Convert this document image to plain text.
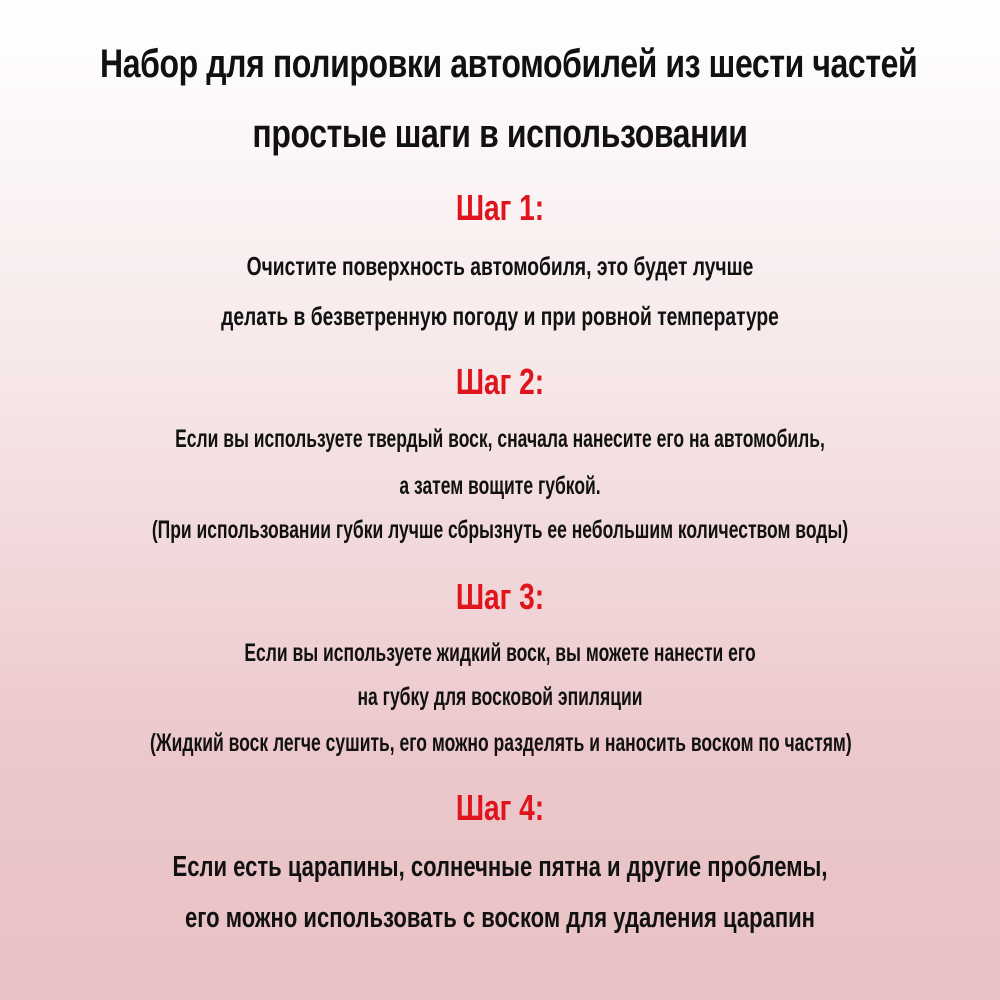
Набор для полировки автомобилей из шести частей
простые шаги в использовании
Шаг 1:
Очистите поверхность автомобиля, это будет лучше
делать в безветренную погоду и при ровной температуре
Шаг 2:
Если вы используете твердый воск, сначала нанесите его на автомобиль,
а затем вощите губкой.
(При использовании губки лучше сбрызнуть ее небольшим количеством воды)
Шаг 3:
Если вы используете жидкий воск, вы можете нанести его
на губку для восковой эпиляции
(Жидкий воск легче сушить, его можно разделять и наносить воском по частям)
Шаг 4:
Если есть царапины, солнечные пятна и другие проблемы,
его можно использовать с воском для удаления царапин
